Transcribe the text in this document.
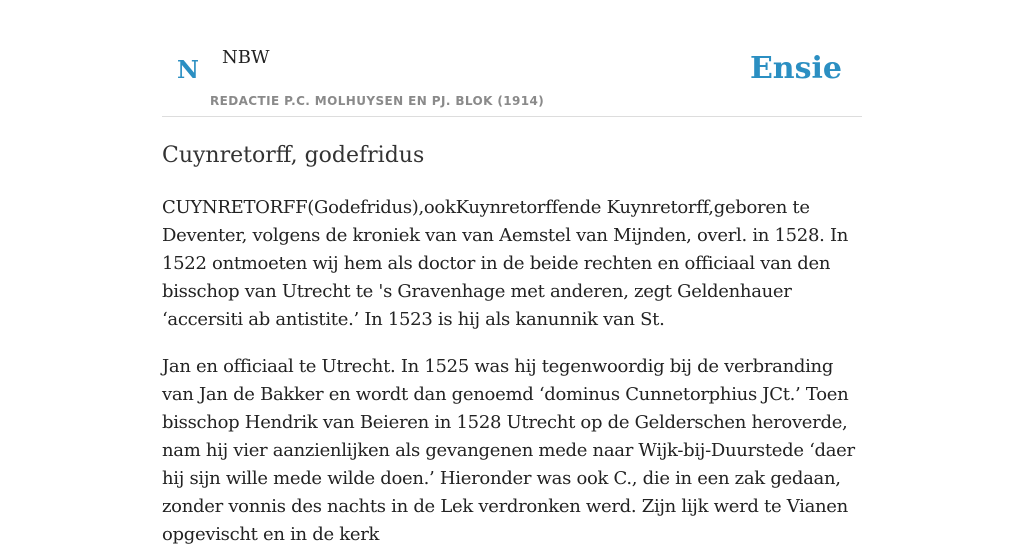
N NBW
REDACTIE P.C. MOLHUYSEN EN PJ. BLOK (1914)
Ensie
Cuynretorff, godefridus

CUYNRETORFF(Godefridus),ookKuynretorffende Kuynretorff,geboren te Deventer, volgens de kroniek van van Aemstel van Mijnden, overl. in 1528. In 1522 ontmoeten wij hem als doctor in de beide rechten en officiaal van den bisschop van Utrecht te 's Gravenhage met anderen, zegt Geldenhauer ‘accersiti ab antistite.’ In 1523 is hij als kanunnik van St.

Jan en officiaal te Utrecht. In 1525 was hij tegenwoordig bij de verbranding van Jan de Bakker en wordt dan genoemd ‘dominus Cunnetorphius JCt.’ Toen bisschop Hendrik van Beieren in 1528 Utrecht op de Gelderschen heroverde, nam hij vier aanzienlijken als gevangenen mede naar Wijk-bij-Duurstede ‘daer hij sijn wille mede wilde doen.’ Hieronder was ook C., die in een zak gedaan, zonder vonnis des nachts in de Lek verdronken werd. Zijn lijk werd te Vianen opgevischt en in de kerk
